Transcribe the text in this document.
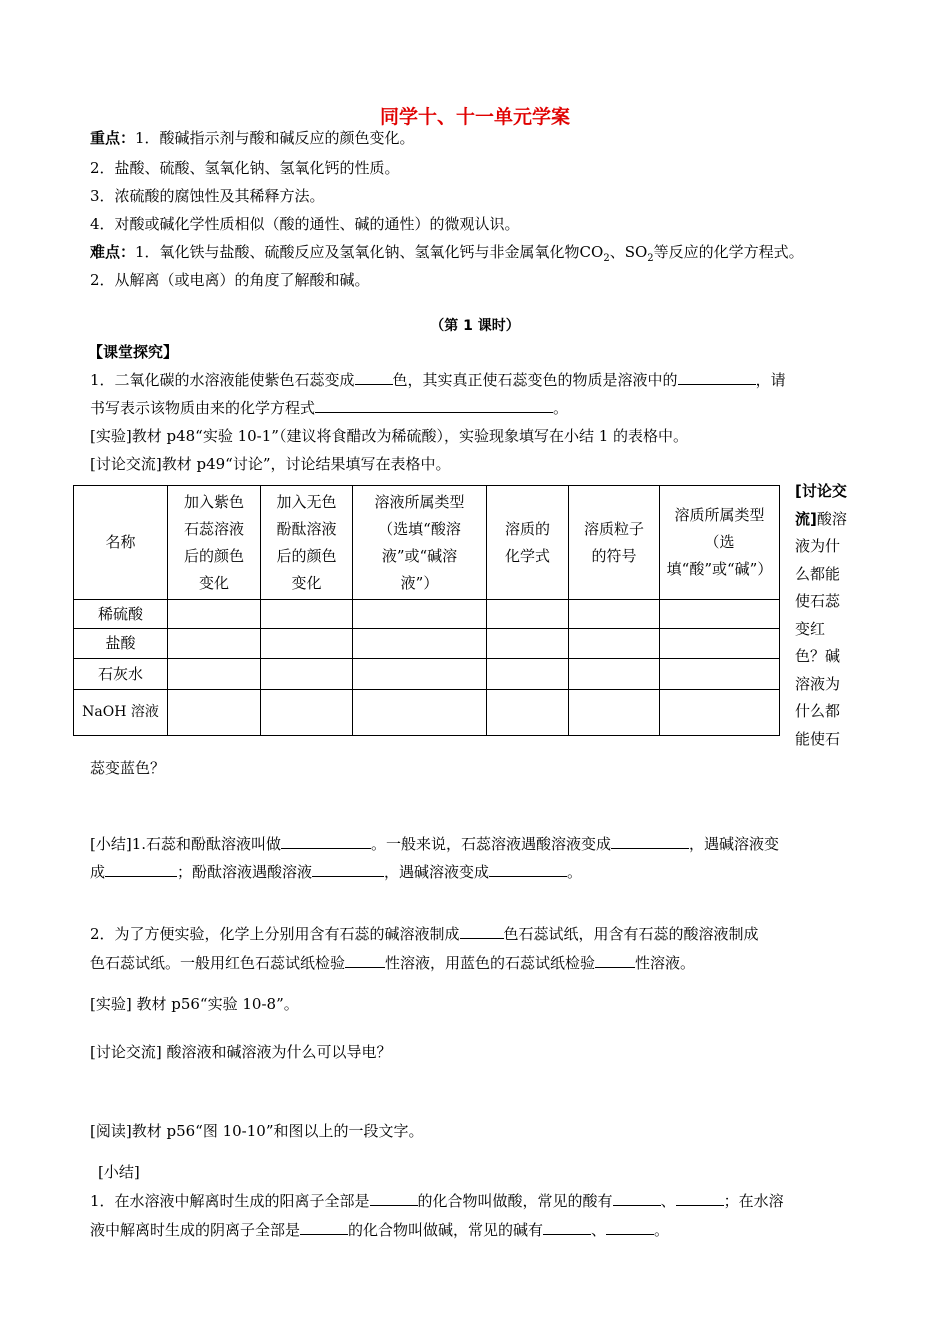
同学十、十一单元学案
重点：1．酸碱指示剂与酸和碱反应的颜色变化。
2．盐酸、硫酸、氢氧化钠、氢氧化钙的性质。
3．浓硫酸的腐蚀性及其稀释方法。
4．对酸或碱化学性质相似（酸的通性、碱的通性）的微观认识。
难点：1．氧化铁与盐酸、硫酸反应及氢氧化钠、氢氧化钙与非金属氧化物$CO_2$、$SO_2$等反应的化学方程式。
2．从解离（或电离）的角度了解酸和碱。
（第 1 课时）
【课堂探究】
1．二氧化碳的水溶液能使紫色石蕊变成	色，其实真正使石蕊变色的物质是溶液中的	，请
书写表示该物质由来的化学方程式	。
[实验]教材 p48“实验 10-1”（建议将食醋改为稀硫酸），实验现象填写在小结 1 的表格中。
[讨论交流]教材 p49“讨论”，讨论结果填写在表格中。
名称	加入紫色石蕊溶液后的颜色变化	加入无色酚酞溶液后的颜色变化	溶液所属类型（选填“酸溶液”或“碱溶液”）	溶质的化学式	溶质粒子的符号	溶质所属类型（选填“酸”或“碱”）

稀硫酸						
盐酸						
石灰水						
NaOH 溶液						
[讨论交流]酸溶液为什么都能使石蕊变红色？碱溶液为什么都能使石
蕊变蓝色？
[小结]1.石蕊和酚酞溶液叫做	。一般来说，石蕊溶液遇酸溶液变成	，遇碱溶液变
成	；酚酞溶液遇酸溶液	，遇碱溶液变成	。
2．为了方便实验，化学上分别用含有石蕊的碱溶液制成	色石蕊试纸，用含有石蕊的酸溶液制成
色石蕊试纸。一般用红色石蕊试纸检验	性溶液，用蓝色的石蕊试纸检验	性溶液。
[实验] 教材 p56“实验 10-8”。
[讨论交流] 酸溶液和碱溶液为什么可以导电？
[阅读]教材 p56“图 10-10”和图以上的一段文字。
[小结]
1．在水溶液中解离时生成的阳离子全部是	的化合物叫做酸，常见的酸有	、	；在水溶
液中解离时生成的阴离子全部是	的化合物叫做碱，常见的碱有	、	。
